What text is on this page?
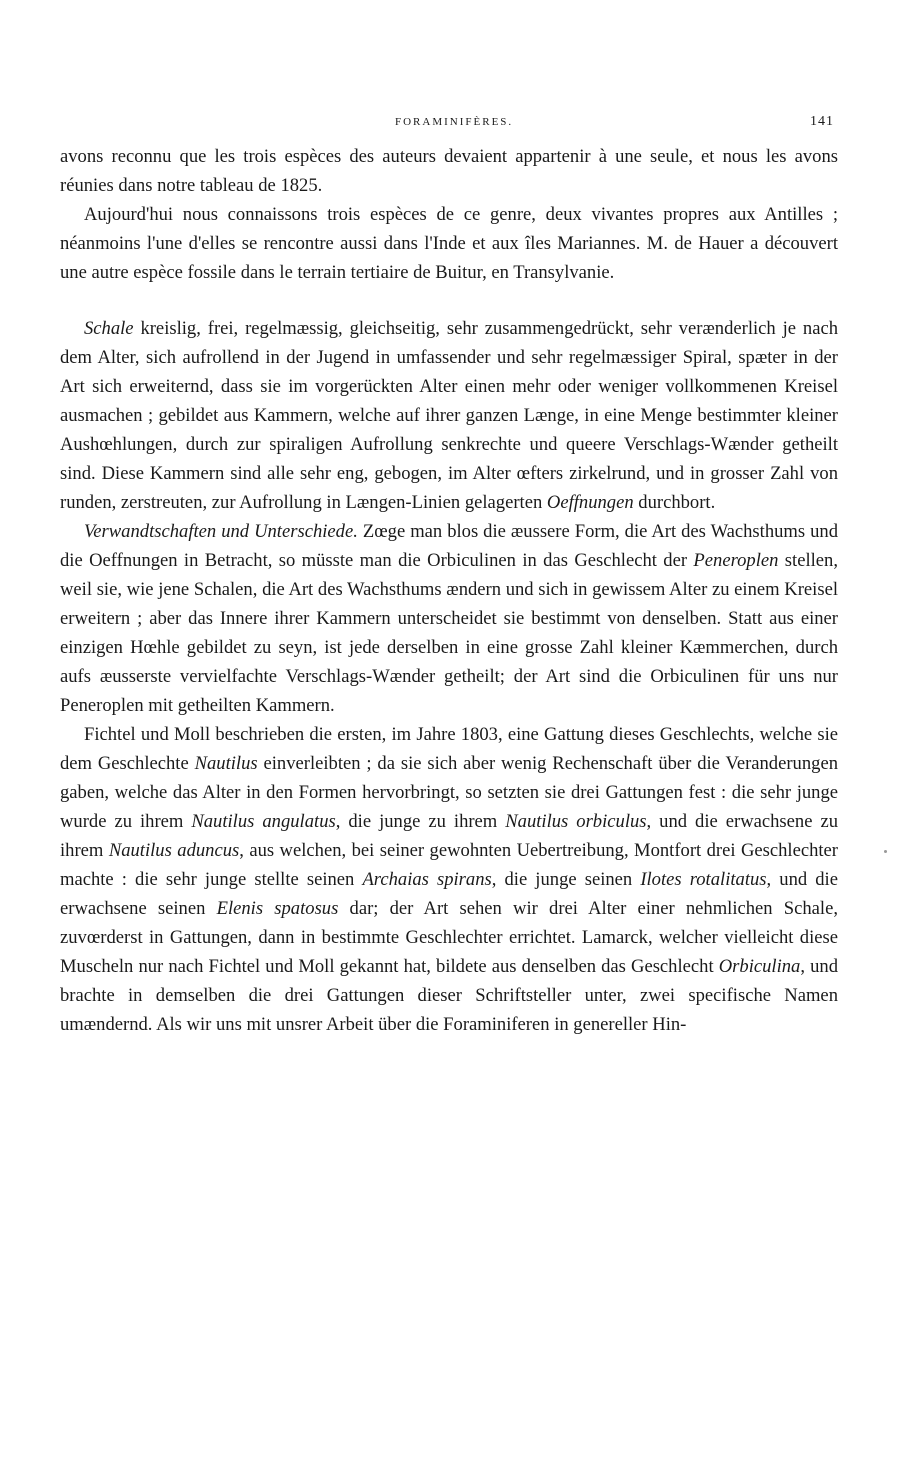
FORAMINIFÈRES.	141

avons reconnu que les trois espèces des auteurs devaient appartenir à une seule, et nous les avons réunies dans notre tableau de 1825.

Aujourd'hui nous connaissons trois espèces de ce genre, deux vivantes propres aux Antilles ; néanmoins l'une d'elles se rencontre aussi dans l'Inde et aux îles Mariannes. M. de Hauer a découvert une autre espèce fossile dans le terrain tertiaire de Buitur, en Transylvanie.

Schale kreislig, frei, regelmæssig, gleichseitig, sehr zusammengedrückt, sehr verænderlich je nach dem Alter, sich aufrollend in der Jugend in umfassender und sehr regelmæssiger Spiral, spæter in der Art sich erweiternd, dass sie im vorgerückten Alter einen mehr oder weniger vollkommenen Kreisel ausmachen ; gebildet aus Kammern, welche auf ihrer ganzen Længe, in eine Menge bestimmter kleiner Aushœhlungen, durch zur spiraligen Aufrollung senkrechte und queere Verschlags-Wænder getheilt sind. Diese Kammern sind alle sehr eng, gebogen, im Alter œfters zirkelrund, und in grosser Zahl von runden, zerstreuten, zur Aufrollung in Længen-Linien gelagerten Oeffnungen durchbort.

Verwandtschaften und Unterschiede. Zœge man blos die æussere Form, die Art des Wachsthums und die Oeffnungen in Betracht, so müsste man die Orbiculinen in das Geschlecht der Peneroplen stellen, weil sie, wie jene Schalen, die Art des Wachsthums ændern und sich in gewissem Alter zu einem Kreisel erweitern ; aber das Innere ihrer Kammern unterscheidet sie bestimmt von denselben. Statt aus einer einzigen Hœhle gebildet zu seyn, ist jede derselben in eine grosse Zahl kleiner Kæmmerchen, durch aufs æusserste vervielfachte Verschlags-Wænder getheilt; der Art sind die Orbiculinen für uns nur Peneroplen mit getheilten Kammern.

Fichtel und Moll beschrieben die ersten, im Jahre 1803, eine Gattung dieses Geschlechts, welche sie dem Geschlechte Nautilus einverleibten ; da sie sich aber wenig Rechenschaft über die Veranderungen gaben, welche das Alter in den Formen hervorbringt, so setzten sie drei Gattungen fest : die sehr junge wurde zu ihrem Nautilus angulatus, die junge zu ihrem Nautilus orbiculus, und die erwachsene zu ihrem Nautilus aduncus, aus welchen, bei seiner gewohnten Uebertreibung, Montfort drei Geschlechter machte : die sehr junge stellte seinen Archaias spirans, die junge seinen Ilotes rotalitatus, und die erwachsene seinen Elenis spatosus dar; der Art sehen wir drei Alter einer nehmlichen Schale, zuvœrderst in Gattungen, dann in bestimmte Geschlechter errichtet. Lamarck, welcher vielleicht diese Muscheln nur nach Fichtel und Moll gekannt hat, bildete aus denselben das Geschlecht Orbiculina, und brachte in demselben die drei Gattungen dieser Schriftsteller unter, zwei specifische Namen umændernd. Als wir uns mit unsrer Arbeit über die Foraminiferen in genereller Hin-
